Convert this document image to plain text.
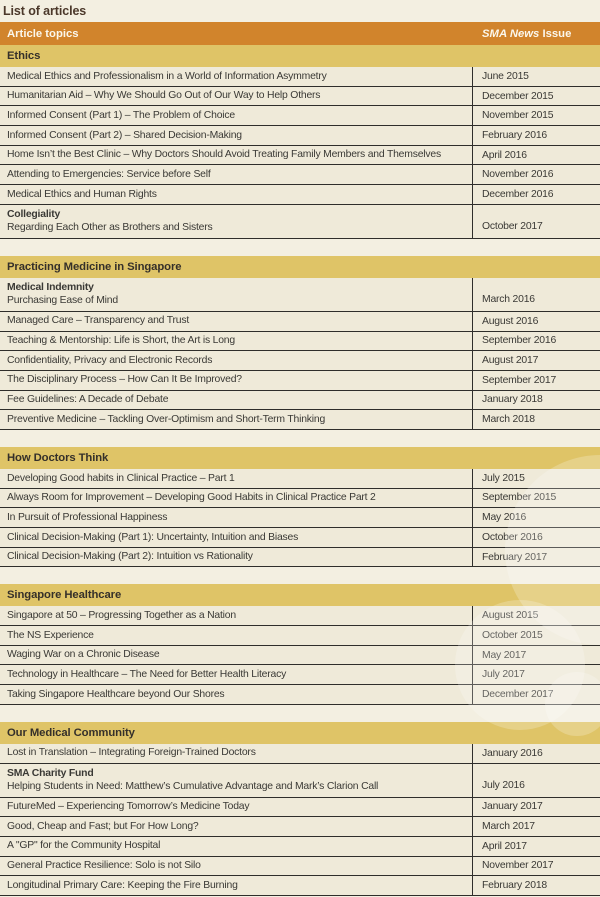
List of articles
Article topics	SMA News Issue
Ethics
Medical Ethics and Professionalism in a World of Information Asymmetry	June 2015
Humanitarian Aid – Why We Should Go Out of Our Way to Help Others	December 2015
Informed Consent (Part 1) – The Problem of Choice	November 2015
Informed Consent (Part 2) – Shared Decision-Making	February 2016
Home Isn’t the Best Clinic – Why Doctors Should Avoid Treating Family Members and Themselves	April 2016
Attending to Emergencies: Service before Self	November 2016
Medical Ethics and Human Rights	December 2016
Collegiality
Regarding Each Other as Brothers and Sisters	October 2017
Practicing Medicine in Singapore
Medical Indemnity
Purchasing Ease of Mind	March 2016
Managed Care – Transparency and Trust	August 2016
Teaching & Mentorship: Life is Short, the Art is Long	September 2016
Confidentiality, Privacy and Electronic Records	August 2017
The Disciplinary Process – How Can It Be Improved?	September 2017
Fee Guidelines: A Decade of Debate	January 2018
Preventive Medicine – Tackling Over-Optimism and Short-Term Thinking	March 2018
How Doctors Think
Developing Good habits in Clinical Practice – Part 1	July 2015
Always Room for Improvement – Developing Good Habits in Clinical Practice Part 2	September 2015
In Pursuit of Professional Happiness	May 2016
Clinical Decision-Making (Part 1): Uncertainty, Intuition and Biases	October 2016
Clinical Decision-Making (Part 2): Intuition vs Rationality	February 2017
Singapore Healthcare
Singapore at 50 – Progressing Together as a Nation	August 2015
The NS Experience	October 2015
Waging War on a Chronic Disease	May 2017
Technology in Healthcare – The Need for Better Health Literacy	July 2017
Taking Singapore Healthcare beyond Our Shores	December 2017
Our Medical Community
Lost in Translation – Integrating Foreign-Trained Doctors	January 2016
SMA Charity Fund
Helping Students in Need: Matthew’s Cumulative Advantage and Mark’s Clarion Call	July 2016
FutureMed – Experiencing Tomorrow’s Medicine Today	January 2017
Good, Cheap and Fast; but For How Long?	March 2017
A "GP" for the Community Hospital	April 2017
General Practice Resilience: Solo is not Silo	November 2017
Longitudinal Primary Care: Keeping the Fire Burning	February 2018
